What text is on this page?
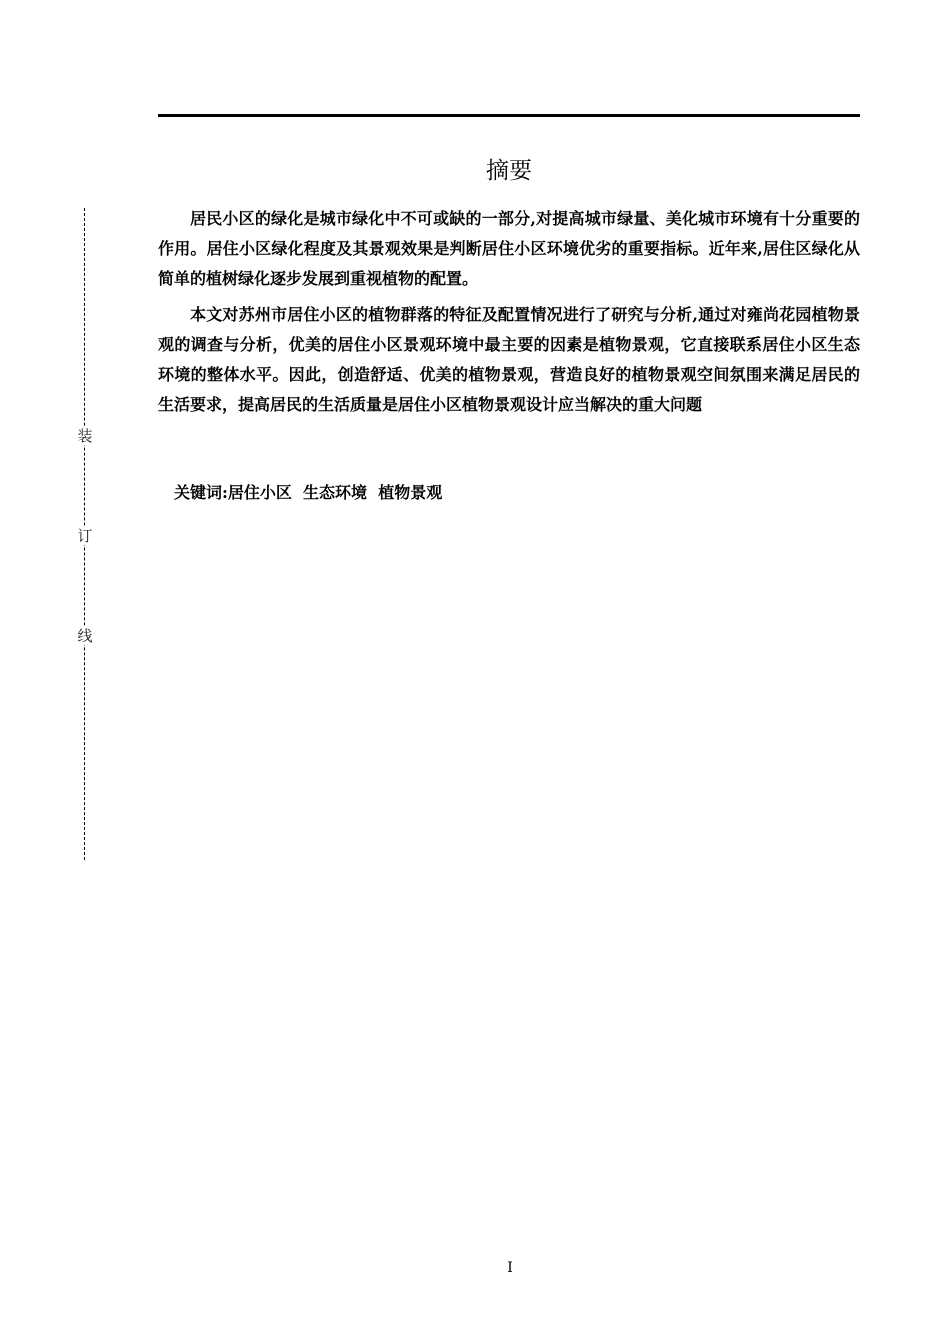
装
订
线
摘要

居民小区的绿化是城市绿化中不可或缺的一部分,对提高城市绿量、美化城市环境有十分重要的作用。居住小区绿化程度及其景观效果是判断居住小区环境优劣的重要指标。近年来,居住区绿化从简单的植树绿化逐步发展到重视植物的配置。

本文对苏州市居住小区的植物群落的特征及配置情况进行了研究与分析,通过对雍尚花园植物景观的调查与分析，优美的居住小区景观环境中最主要的因素是植物景观，它直接联系居住小区生态环境的整体水平。因此，创造舒适、优美的植物景观，营造良好的植物景观空间氛围来满足居民的生活要求，提高居民的生活质量是居住小区植物景观设计应当解决的重大问题

关键词:居住小区  生态环境  植物景观
I
